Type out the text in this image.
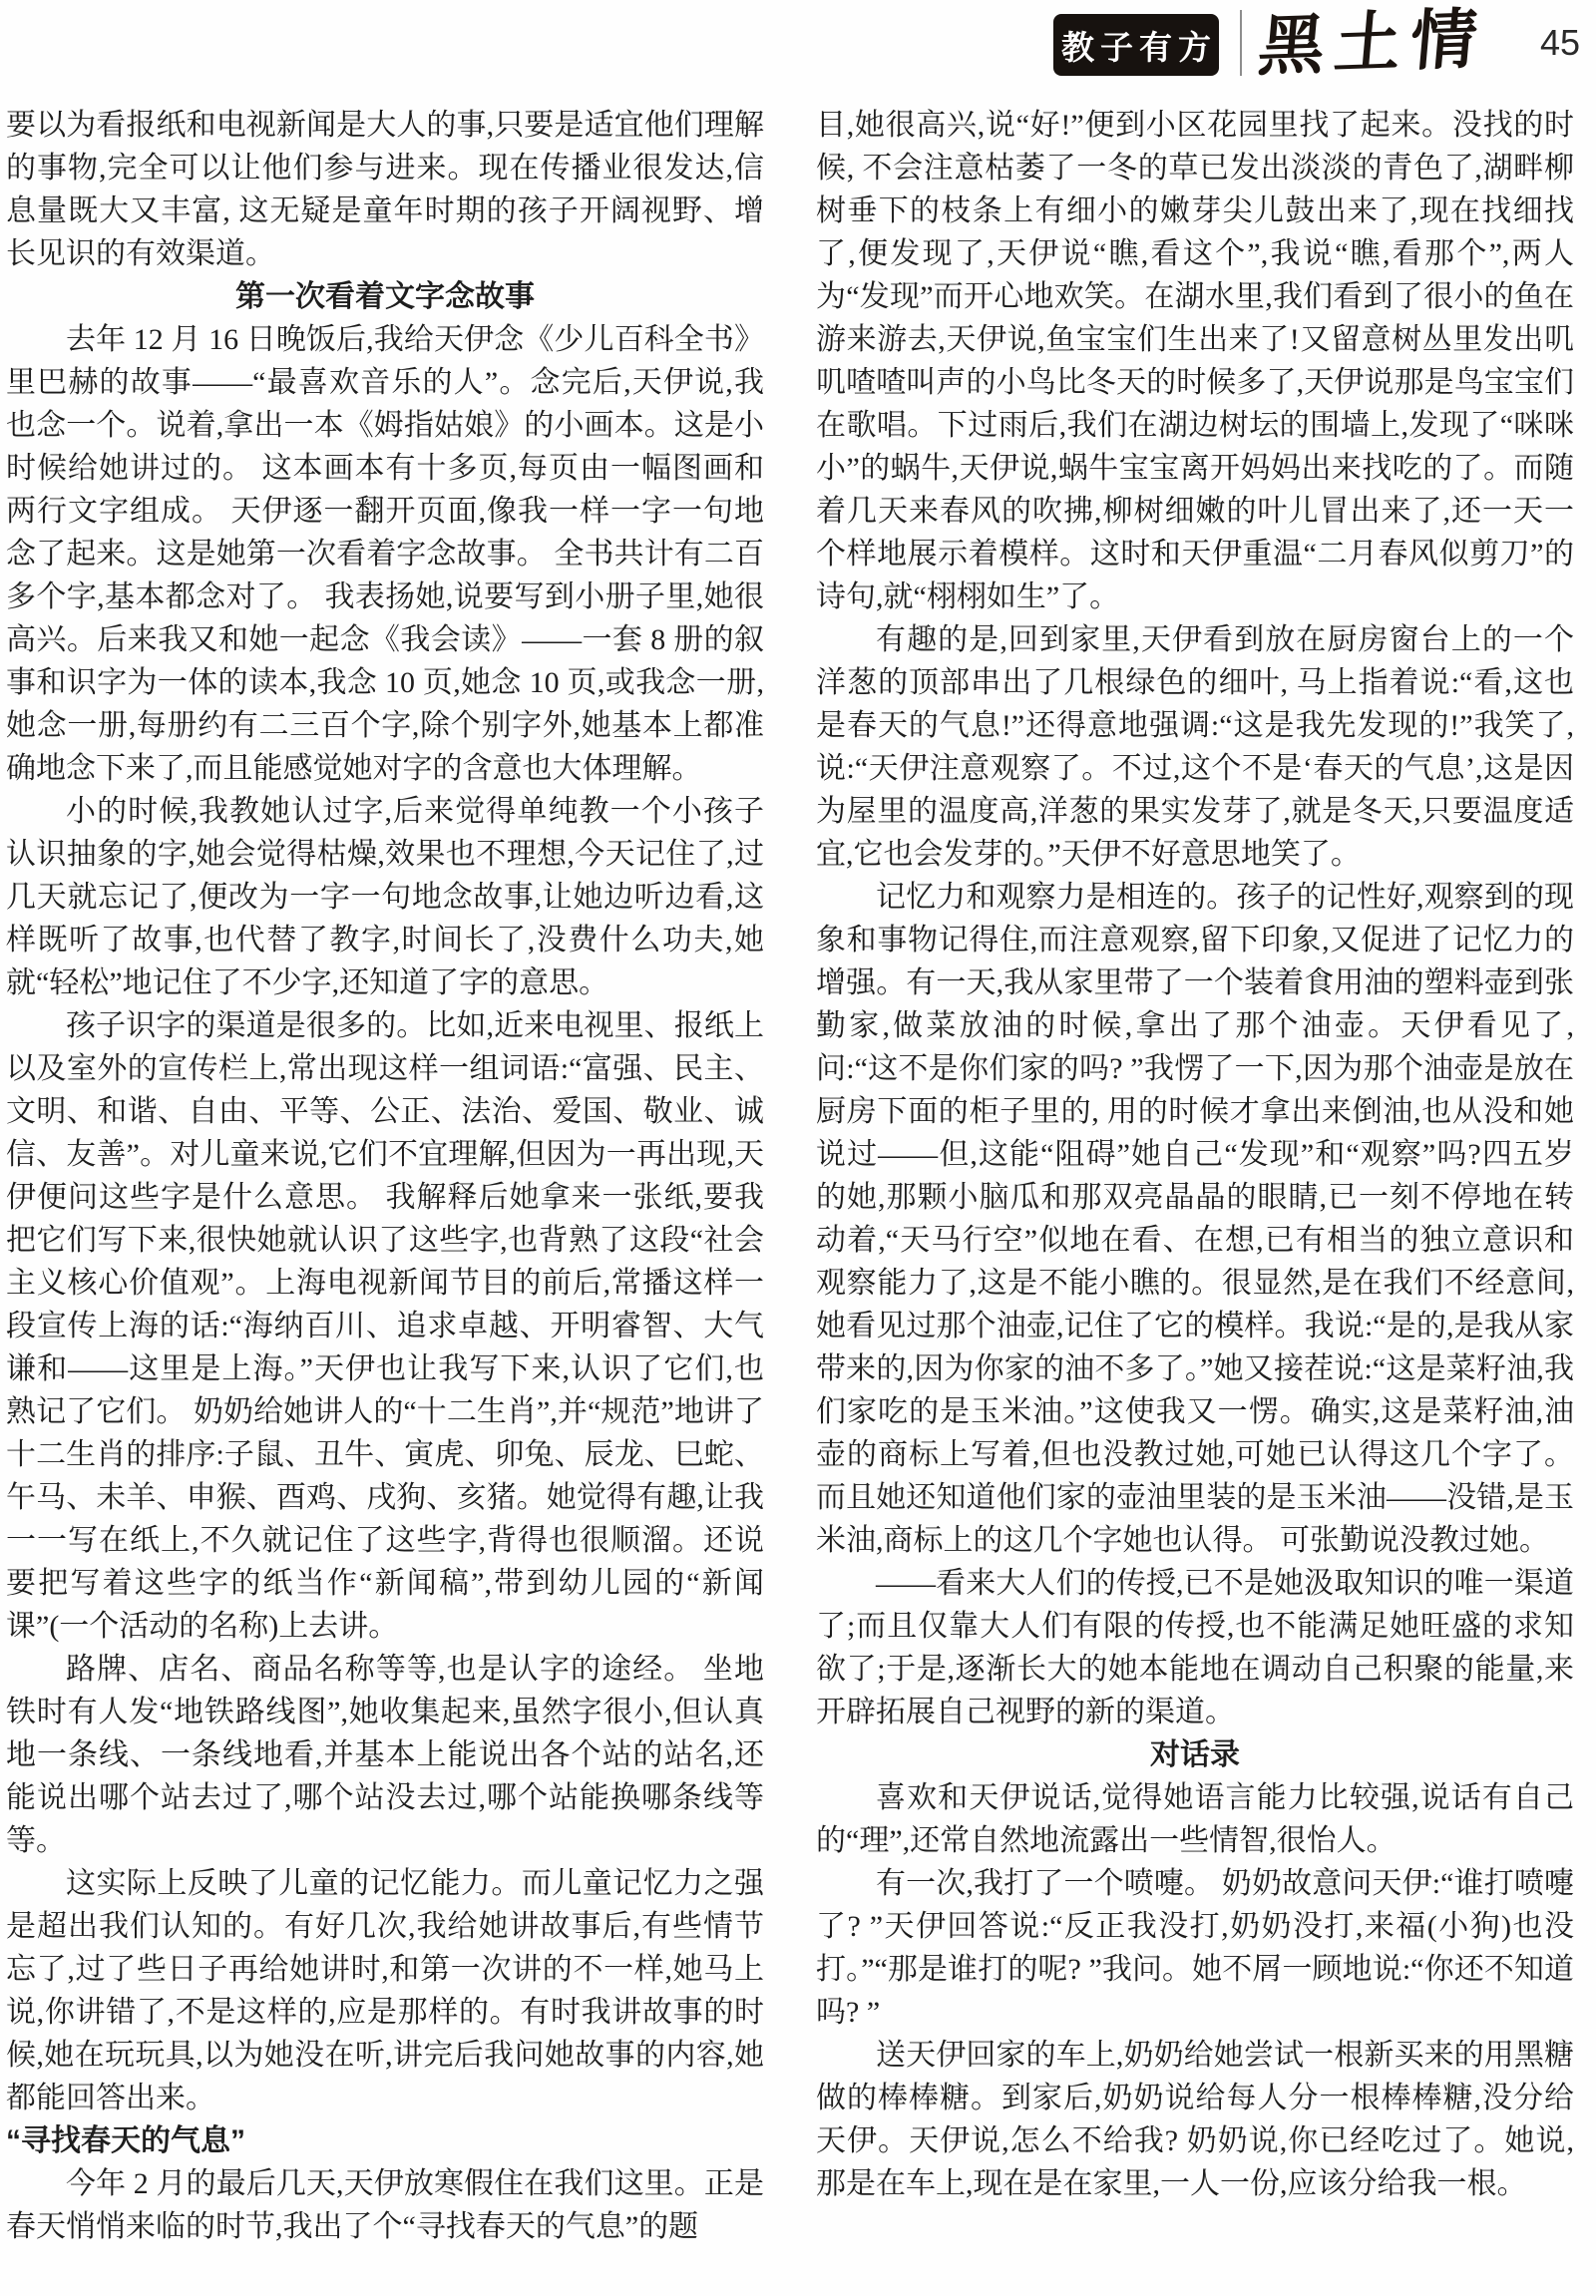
教子有方 黑土情	45

要以为看报纸和电视新闻是大人的事,只要是适宜他们理解的事物,完全可以让他们参与进来。现在传播业很发达,信息量既大又丰富, 这无疑是童年时期的孩子开阔视野、增长见识的有效渠道。

第一次看着文字念故事

去年 12 月 16 日晚饭后,我给天伊念《少儿百科全书》里巴赫的故事——“最喜欢音乐的人”。念完后,天伊说,我也念一个。说着,拿出一本《姆指姑娘》的小画本。这是小时候给她讲过的。 这本画本有十多页,每页由一幅图画和两行文字组成。 天伊逐一翻开页面,像我一样一字一句地念了起来。这是她第一次看着字念故事。 全书共计有二百多个字,基本都念对了。 我表扬她,说要写到小册子里,她很高兴。后来我又和她一起念《我会读》——一套 8 册的叙事和识字为一体的读本,我念 10 页,她念 10 页,或我念一册,她念一册,每册约有二三百个字,除个别字外,她基本上都准确地念下来了,而且能感觉她对字的含意也大体理解。

小的时候,我教她认过字,后来觉得单纯教一个小孩子认识抽象的字,她会觉得枯燥,效果也不理想,今天记住了,过几天就忘记了,便改为一字一句地念故事,让她边听边看,这样既听了故事,也代替了教字,时间长了,没费什么功夫,她就“轻松”地记住了不少字,还知道了字的意思。

孩子识字的渠道是很多的。比如,近来电视里、报纸上以及室外的宣传栏上,常出现这样一组词语:“富强、民主、文明、和谐、自由、平等、公正、法治、爱国、敬业、诚信、友善”。对儿童来说,它们不宜理解,但因为一再出现,天伊便问这些字是什么意思。 我解释后她拿来一张纸,要我把它们写下来,很快她就认识了这些字,也背熟了这段“社会主义核心价值观”。上海电视新闻节目的前后,常播这样一段宣传上海的话:“海纳百川、追求卓越、开明睿智、大气谦和——这里是上海。”天伊也让我写下来,认识了它们,也熟记了它们。 奶奶给她讲人的“十二生肖”,并“规范”地讲了十二生肖的排序:子鼠、丑牛、寅虎、卯兔、辰龙、巳蛇、午马、未羊、申猴、酉鸡、戌狗、亥猪。她觉得有趣,让我一一写在纸上,不久就记住了这些字,背得也很顺溜。还说要把写着这些字的纸当作“新闻稿”,带到幼儿园的“新闻课”(一个活动的名称)上去讲。

路牌、店名、商品名称等等,也是认字的途经。 坐地铁时有人发“地铁路线图”,她收集起来,虽然字很小,但认真地一条线、一条线地看,并基本上能说出各个站的站名,还能说出哪个站去过了,哪个站没去过,哪个站能换哪条线等等。

这实际上反映了儿童的记忆能力。而儿童记忆力之强是超出我们认知的。有好几次,我给她讲故事后,有些情节忘了,过了些日子再给她讲时,和第一次讲的不一样,她马上说,你讲错了,不是这样的,应是那样的。有时我讲故事的时候,她在玩玩具,以为她没在听,讲完后我问她故事的内容,她都能回答出来。

“寻找春天的气息”

今年 2 月的最后几天,天伊放寒假住在我们这里。正是春天悄悄来临的时节,我出了个“寻找春天的气息”的题

目,她很高兴,说“好!”便到小区花园里找了起来。没找的时候, 不会注意枯萎了一冬的草已发出淡淡的青色了,湖畔柳树垂下的枝条上有细小的嫩芽尖儿鼓出来了,现在找细找了,便发现了,天伊说“瞧,看这个”,我说“瞧,看那个”,两人为“发现”而开心地欢笑。在湖水里,我们看到了很小的鱼在游来游去,天伊说,鱼宝宝们生出来了!又留意树丛里发出叽叽喳喳叫声的小鸟比冬天的时候多了,天伊说那是鸟宝宝们在歌唱。下过雨后,我们在湖边树坛的围墙上,发现了“咪咪小”的蜗牛,天伊说,蜗牛宝宝离开妈妈出来找吃的了。而随着几天来春风的吹拂,柳树细嫩的叶儿冒出来了,还一天一个样地展示着模样。这时和天伊重温“二月春风似剪刀”的诗句,就“栩栩如生”了。

有趣的是,回到家里,天伊看到放在厨房窗台上的一个洋葱的顶部串出了几根绿色的细叶, 马上指着说:“看,这也是春天的气息!”还得意地强调:“这是我先发现的!”我笑了,说:“天伊注意观察了。不过,这个不是‘春天的气息’,这是因为屋里的温度高,洋葱的果实发芽了,就是冬天,只要温度适宜,它也会发芽的。”天伊不好意思地笑了。

记忆力和观察力是相连的。孩子的记性好,观察到的现象和事物记得住,而注意观察,留下印象,又促进了记忆力的增强。有一天,我从家里带了一个装着食用油的塑料壶到张勤家,做菜放油的时候,拿出了那个油壶。天伊看见了,问:“这不是你们家的吗? ”我愣了一下,因为那个油壶是放在厨房下面的柜子里的, 用的时候才拿出来倒油,也从没和她说过——但,这能“阻碍”她自己“发现”和“观察”吗?四五岁的她,那颗小脑瓜和那双亮晶晶的眼睛,已一刻不停地在转动着,“天马行空”似地在看、在想,已有相当的独立意识和观察能力了,这是不能小瞧的。很显然,是在我们不经意间,她看见过那个油壶,记住了它的模样。我说:“是的,是我从家带来的,因为你家的油不多了。”她又接茬说:“这是菜籽油,我们家吃的是玉米油。”这使我又一愣。确实,这是菜籽油,油壶的商标上写着,但也没教过她,可她已认得这几个字了。而且她还知道他们家的壶油里装的是玉米油——没错,是玉米油,商标上的这几个字她也认得。 可张勤说没教过她。

——看来大人们的传授,已不是她汲取知识的唯一渠道了;而且仅靠大人们有限的传授,也不能满足她旺盛的求知欲了;于是,逐渐长大的她本能地在调动自己积聚的能量,来开辟拓展自己视野的新的渠道。

对话录

喜欢和天伊说话,觉得她语言能力比较强,说话有自己的“理”,还常自然地流露出一些情智,很怡人。

有一次,我打了一个喷嚏。 奶奶故意问天伊:“谁打喷嚏了? ”天伊回答说:“反正我没打,奶奶没打,来福(小狗)也没打。”“那是谁打的呢? ”我问。她不屑一顾地说:“你还不知道吗? ”

送天伊回家的车上,奶奶给她尝试一根新买来的用黑糖做的棒棒糖。到家后,奶奶说给每人分一根棒棒糖,没分给天伊。天伊说,怎么不给我? 奶奶说,你已经吃过了。她说,那是在车上,现在是在家里,一人一份,应该分给我一根。
